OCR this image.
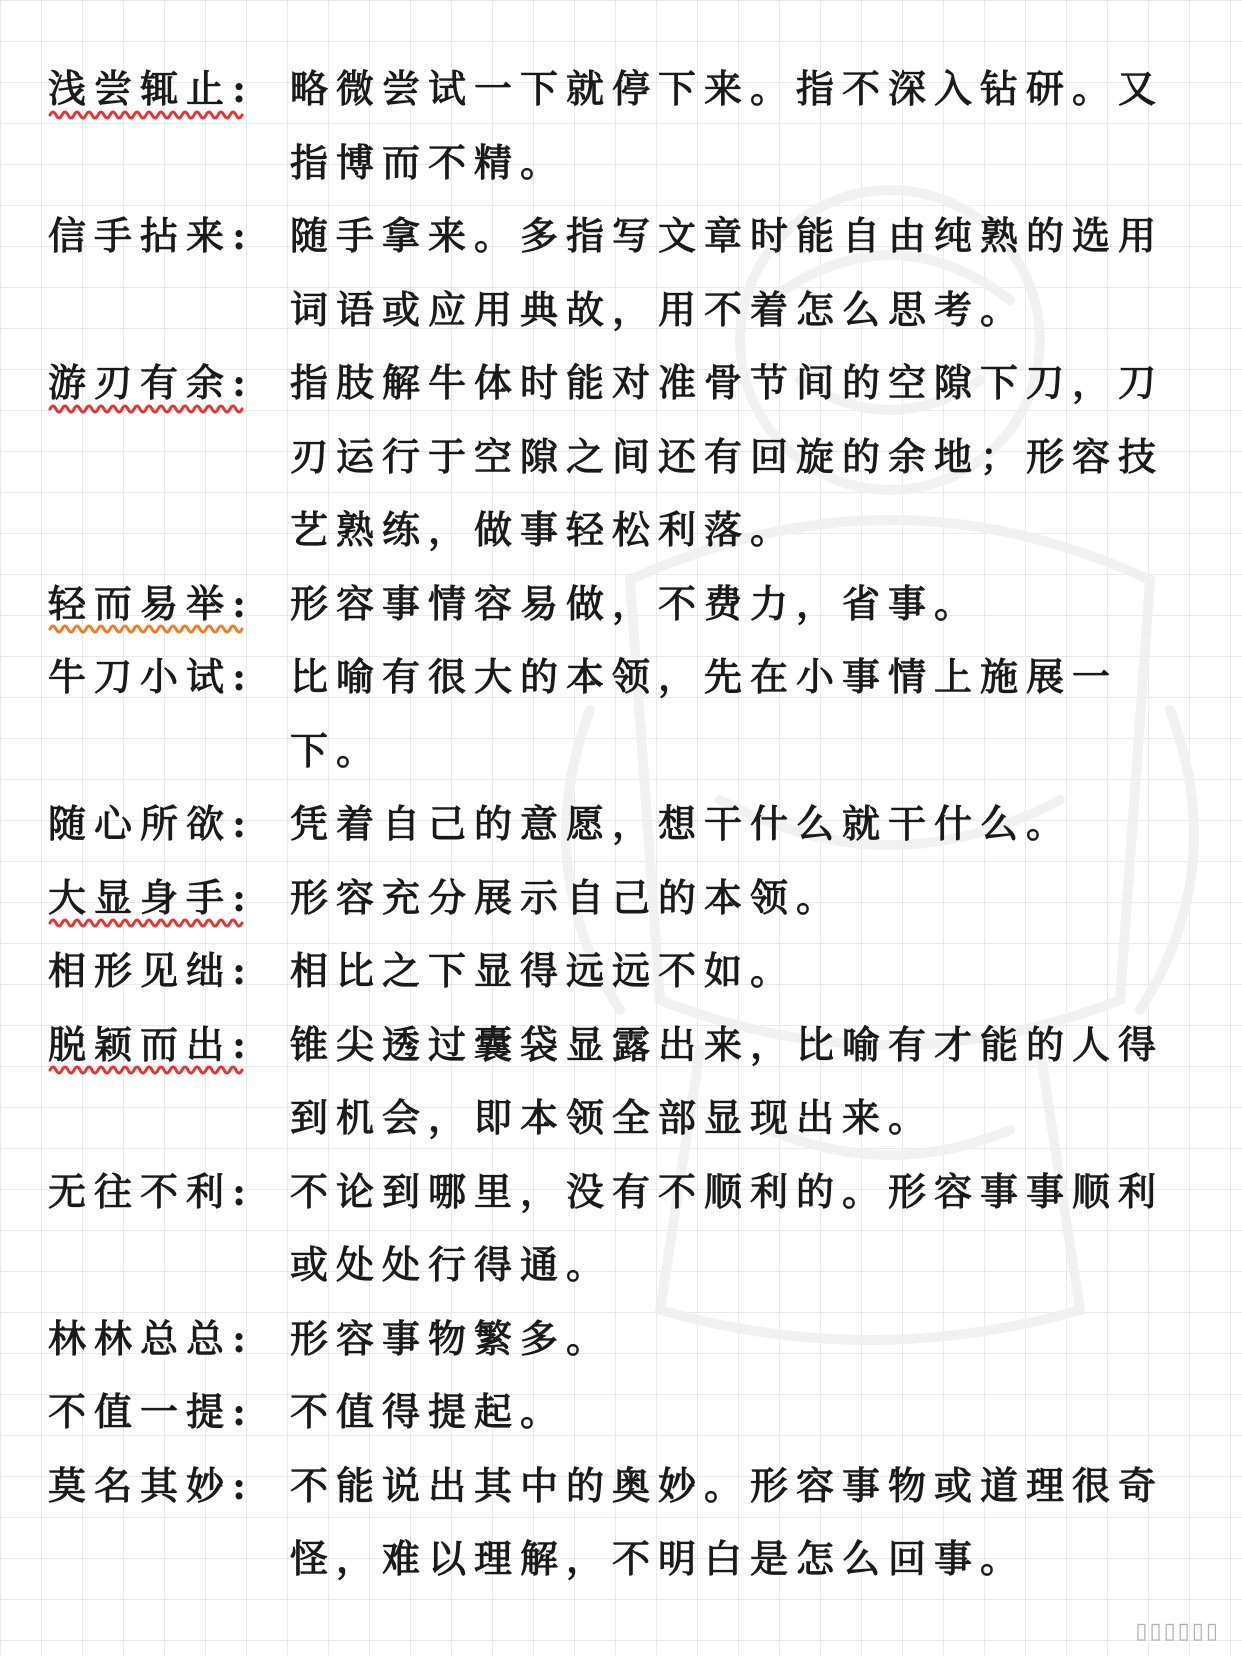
浅尝辄止: 略微尝试一下就停下来。指不深入钻研。又指博而不精。
信手拈来: 随手拿来。多指写文章时能自由纯熟的选用词语或应用典故，用不着怎么思考。
游刃有余: 指肢解牛体时能对准骨节间的空隙下刀，刀刃运行于空隙之间还有回旋的余地；形容技艺熟练，做事轻松利落。
轻而易举: 形容事情容易做，不费力，省事。
牛刀小试: 比喻有很大的本领，先在小事情上施展一下。
随心所欲: 凭着自己的意愿，想干什么就干什么。
大显身手: 形容充分展示自己的本领。
相形见绌: 相比之下显得远远不如。
脱颖而出: 锥尖透过囊袋显露出来，比喻有才能的人得到机会，即本领全部显现出来。
无往不利: 不论到哪里，没有不顺利的。形容事事顺利或处处行得通。
林林总总: 形容事物繁多。
不值一提: 不值得提起。
莫名其妙: 不能说出其中的奥妙。形容事物或道理很奇怪，难以理解，不明白是怎么回事。
▯▯▯▯▯▯
